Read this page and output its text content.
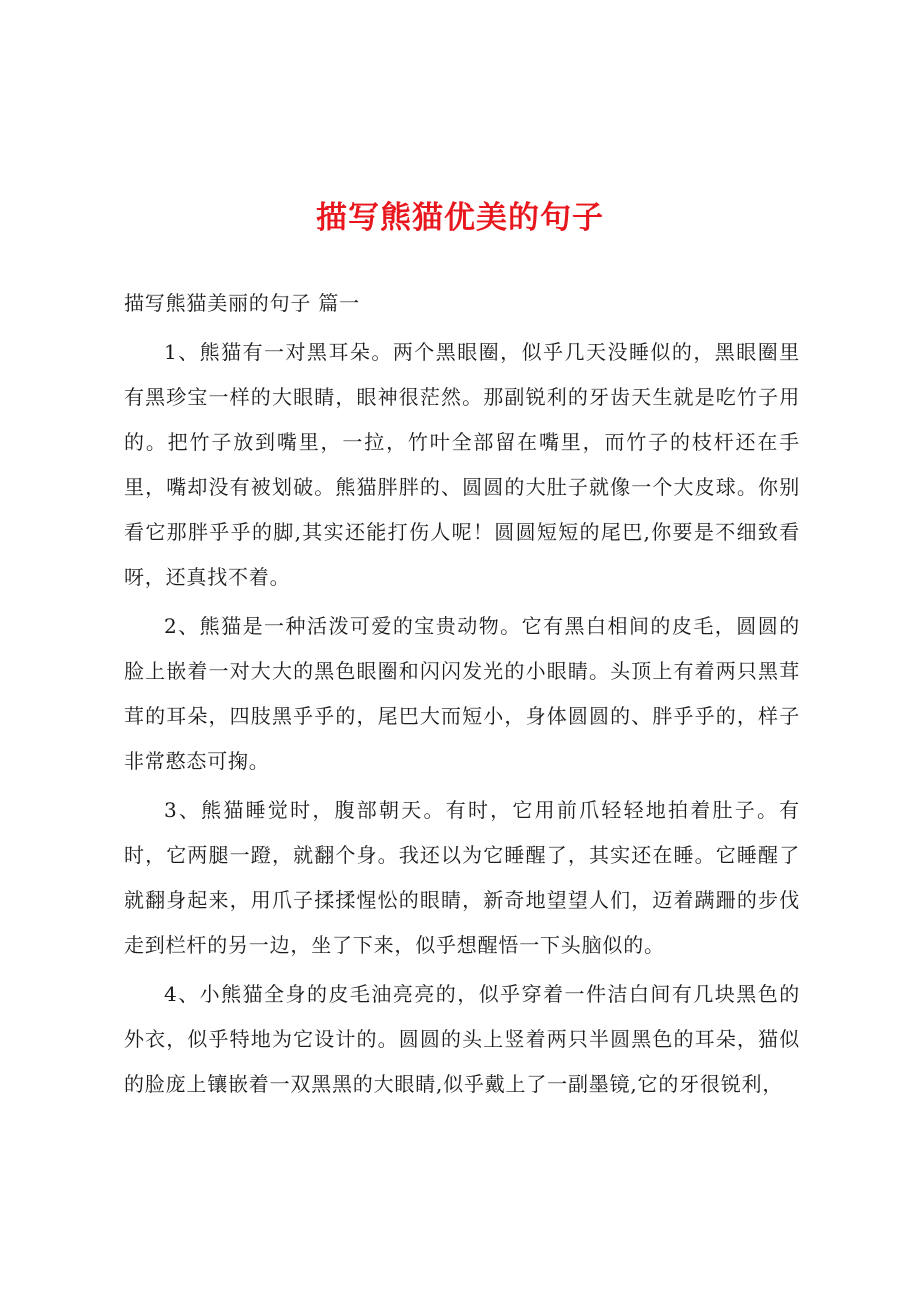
描写熊猫优美的句子
描写熊猫美丽的句子 篇一

1、熊猫有一对黑耳朵。两个黑眼圈，似乎几天没睡似的，黑眼圈里有黑珍宝一样的大眼睛，眼神很茫然。那副锐利的牙齿天生就是吃竹子用的。把竹子放到嘴里，一拉，竹叶全部留在嘴里，而竹子的枝杆还在手里，嘴却没有被划破。熊猫胖胖的、圆圆的大肚子就像一个大皮球。你别看它那胖乎乎的脚,其实还能打伤人呢！圆圆短短的尾巴,你要是不细致看呀，还真找不着。

2、熊猫是一种活泼可爱的宝贵动物。它有黑白相间的皮毛，圆圆的脸上嵌着一对大大的黑色眼圈和闪闪发光的小眼睛。头顶上有着两只黑茸茸的耳朵，四肢黑乎乎的，尾巴大而短小，身体圆圆的、胖乎乎的，样子非常憨态可掬。

3、熊猫睡觉时，腹部朝天。有时，它用前爪轻轻地拍着肚子。有时，它两腿一蹬，就翻个身。我还以为它睡醒了，其实还在睡。它睡醒了就翻身起来，用爪子揉揉惺忪的眼睛，新奇地望望人们，迈着蹒跚的步伐走到栏杆的另一边，坐了下来，似乎想醒悟一下头脑似的。

4、小熊猫全身的皮毛油亮亮的，似乎穿着一件洁白间有几块黑色的外衣，似乎特地为它设计的。圆圆的头上竖着两只半圆黑色的耳朵，猫似的脸庞上镶嵌着一双黑黑的大眼睛,似乎戴上了一副墨镜,它的牙很锐利，
